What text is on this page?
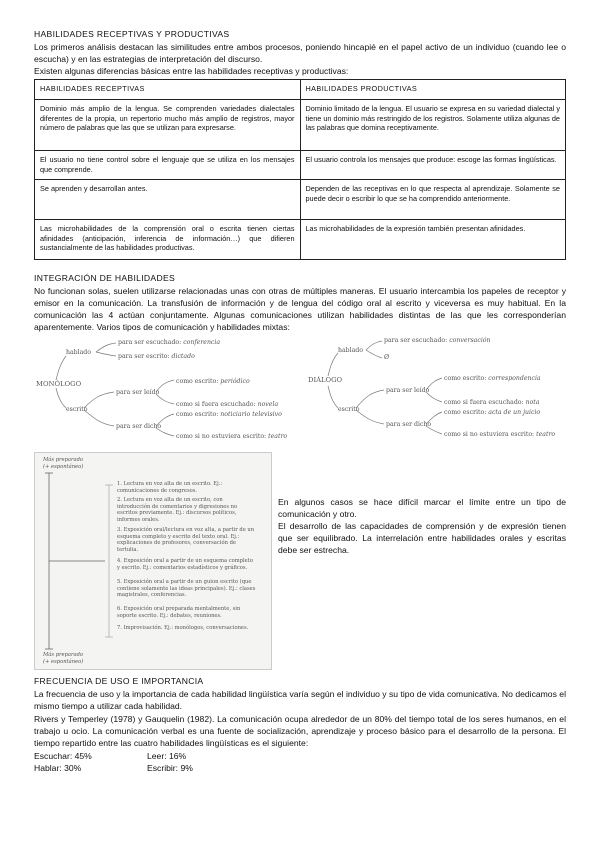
HABILIDADES RECEPTIVAS Y PRODUCTIVAS
Los primeros análisis destacan las similitudes entre ambos procesos, poniendo hincapié en el papel activo de un individuo (cuando lee o escucha) y en las estrategias de interpretación del discurso.
Existen algunas diferencias básicas entre las habilidades receptivas y productivas:
HABILIDADES RECEPTIVAS	HABILIDADES PRODUCTIVAS
Dominio más amplio de la lengua. Se comprenden variedades dialectales diferentes de la propia, un repertorio mucho más amplio de registros, mayor número de palabras que las que se utilizan para expresarse.	Dominio limitado de la lengua. El usuario se expresa en su variedad dialectal y tiene un dominio más restringido de los registros. Solamente utiliza algunas de las palabras que domina receptivamente.
El usuario no tiene control sobre el lenguaje que se utiliza en los mensajes que comprende.	El usuario controla los mensajes que produce: escoge las formas lingüísticas.
Se aprenden y desarrollan antes.	Dependen de las receptivas en lo que respecta al aprendizaje. Solamente se puede decir o escribir lo que se ha comprendido anteriormente.
Las microhabilidades de la comprensión oral o escrita tienen ciertas afinidades (anticipación, inferencia de información…) que difieren sustancialmente de las habilidades productivas.	Las microhabilidades de la expresión también presentan afinidades.
INTEGRACIÓN DE HABILIDADES
No funcionan solas, suelen utilizarse relacionadas unas con otras de múltiples maneras. El usuario intercambia los papeles de receptor y emisor en la comunicación. La transfusión de información y de lengua del código oral al escrito y viceversa es muy habitual. En la comunicación las 4 actúan conjuntamente. Algunas comunicaciones utilizan habilidades distintas de las que les corresponderían aparentemente. Varios tipos de comunicación y habilidades mixtas:
hablado
para ser escuchado: conferencia
para ser escrito: dictado
MONÓLOGO
escrito
para ser leído
como escrito: periódico
como si fuera escuchado: novela
para ser dicho
como escrito: noticiario televisivo
como si no estuviera escrito: teatro
hablado
para ser escuchado: conversación
Ø
DIÁLOGO
escrito
para ser leído
como escrito: correspondencia
como si fuera escuchado: nota
para ser dicho
como escrito: acta de un juicio
como si no estuviera escrito: teatro
Más preparado
(+ espontáneo)
Más preparado
(+ espontáneo)
1. Lectura en voz alta de un escrito. Ej.: comunicaciones de congresos.
2. Lectura en voz alta de un escrito, con introducción de comentarios y digresiones no escritos previamente. Ej.: discursos políticos, informes orales.
3. Exposición oral/lectura en voz alta, a partir de un esquema completo y escrito del texto oral. Ej.: explicaciones de profesores, conversación de tertulia.
4. Exposición oral a partir de un esquema completo y escrito. Ej.: comentarios estadísticos y gráficos.
5. Exposición oral a partir de un guion escrito (que contiene solamente las ideas principales). Ej.: clases magistrales, conferencias.
6. Exposición oral preparada mentalmente, sin soporte escrito. Ej.: debates, reuniones.
7. Improvisación. Ej.: monólogos, conversaciones.
En algunos casos se hace difícil marcar el límite entre un tipo de comunicación y otro.
El desarrollo de las capacidades de comprensión y de expresión tienen que ser equilibrado. La interrelación entre habilidades orales y escritas debe ser estrecha.
FRECUENCIA DE USO E IMPORTANCIA
La frecuencia de uso y la importancia de cada habilidad lingüística varía según el individuo y su tipo de vida comunicativa. No dedicamos el mismo tiempo a utilizar cada habilidad.
Rivers y Temperley (1978) y Gauquelin (1982). La comunicación ocupa alrededor de un 80% del tiempo total de los seres humanos, en el trabajo u ocio. La comunicación verbal es una fuente de socialización, aprendizaje y proceso básico para el desarrollo de la persona. El tiempo repartido entre las cuatro habilidades lingüísticas es el siguiente:
Escuchar: 45%	Leer: 16%
Hablar: 30%	Escribir: 9%
